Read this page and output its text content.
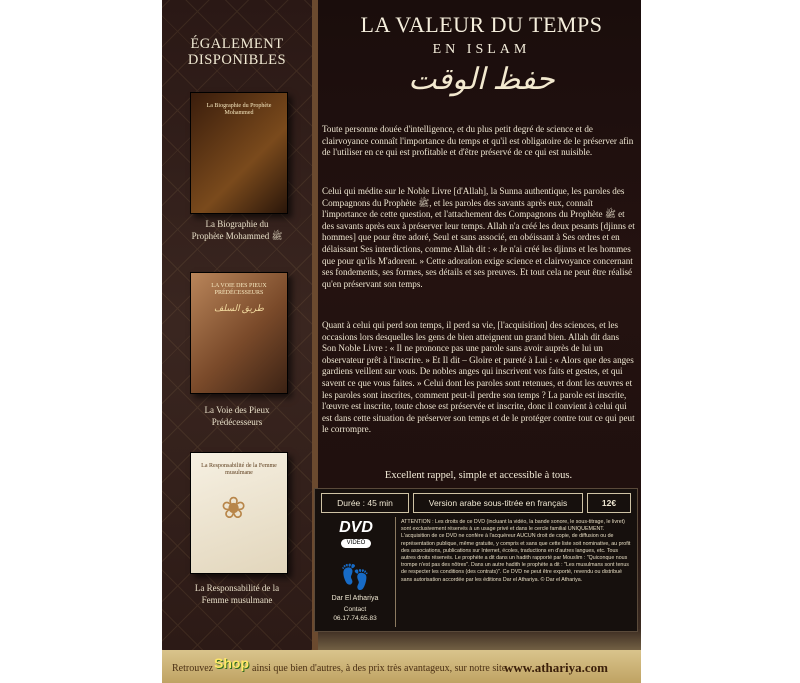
ÉGALEMENT
DISPONIBLES
La Biographie du Prophète Mohammed
La Biographie du
Prophète Mohammed ﷺ
LA VOIE DES PIEUX PRÉDÉCESSEURS
طريق السلف
La Voie des Pieux
Prédécesseurs
La Responsabilité de la Femme musulmane
❀
La Responsabilité de la
Femme musulmane
LA VALEUR DU TEMPS
EN ISLAM
حفظ الوقت
Toute personne douée d'intelligence, et du plus petit degré de science et de clairvoyance connaît l'importance du temps et qu'il est obligatoire de le préserver afin de l'utiliser en ce qui est profitable et d'être préservé de ce qui est nuisible.
Celui qui médite sur le Noble Livre [d'Allah], la Sunna authentique, les paroles des Compagnons du Prophète ﷺ, et les paroles des savants après eux, connaît l'importance de cette question, et l'attachement des Compagnons du Prophète ﷺ et des savants après eux à préserver leur temps. Allah n'a créé les deux pesants [djinns et hommes] que pour être adoré, Seul et sans associé, en obéissant à Ses ordres et en délaissant Ses interdictions, comme Allah dit : « Je n'ai créé les djinns et les hommes que pour qu'ils M'adorent. » Cette adoration exige science et clairvoyance concernant ses fondements, ses formes, ses détails et ses preuves. Et tout cela ne peut être réalisé qu'en préservant son temps.
Quant à celui qui perd son temps, il perd sa vie, [l'acquisition] des sciences, et les occasions lors desquelles les gens de bien atteignent un grand bien. Allah dit dans Son Noble Livre : « Il ne prononce pas une parole sans avoir auprès de lui un observateur prêt à l'inscrire. » Et Il dit – Gloire et pureté à Lui : « Alors que des anges gardiens veillent sur vous. De nobles anges qui inscrivent vos faits et gestes, et qui savent ce que vous faites. » Celui dont les paroles sont retenues, et dont les œuvres et les paroles sont inscrites, comment peut-il perdre son temps ? La parole est inscrite, l'œuvre est inscrite, toute chose est préservée et inscrite, donc il convient à celui qui est dans cette situation de préserver son temps et de le protéger contre tout ce qui peut le corrompre.
Excellent rappel, simple et accessible à tous.
Durée : 45 min	Version arabe sous-titrée en français	12€
DVD
VIDEO
👣
Dar El Athariya
Contact
06.17.74.65.83
ATTENTION : Les droits de ce DVD (incluant la vidéo, la bande sonore, le sous-titrage, le livret) sont exclusivement réservés à un usage privé et dans le cercle familial UNIQUEMENT. L'acquisition de ce DVD ne confère à l'acquéreur AUCUN droit de copie, de diffusion ou de représentation publique, même gratuite, y compris et sans que cette liste soit nominative, au profit des associations, publications sur Internet, écoles, traductions en d'autres langues, etc. Tous autres droits réservés. Le prophète a dit dans un hadith rapporté par Mouslim : "Quiconque nous trompe n'est pas des nôtres". Dans un autre hadith le prophète a dit : "Les musulmans sont tenus de respecter les conditions (des contrats)". Ce DVD ne peut être exporté, revendu ou distribué sans autorisation accordée par les éditions Dar el Athariya. © Dar el Athariya.
Retrouvez Shop ainsi que bien d'autres, à des prix très avantageux, sur notre site
www.athariya.com
